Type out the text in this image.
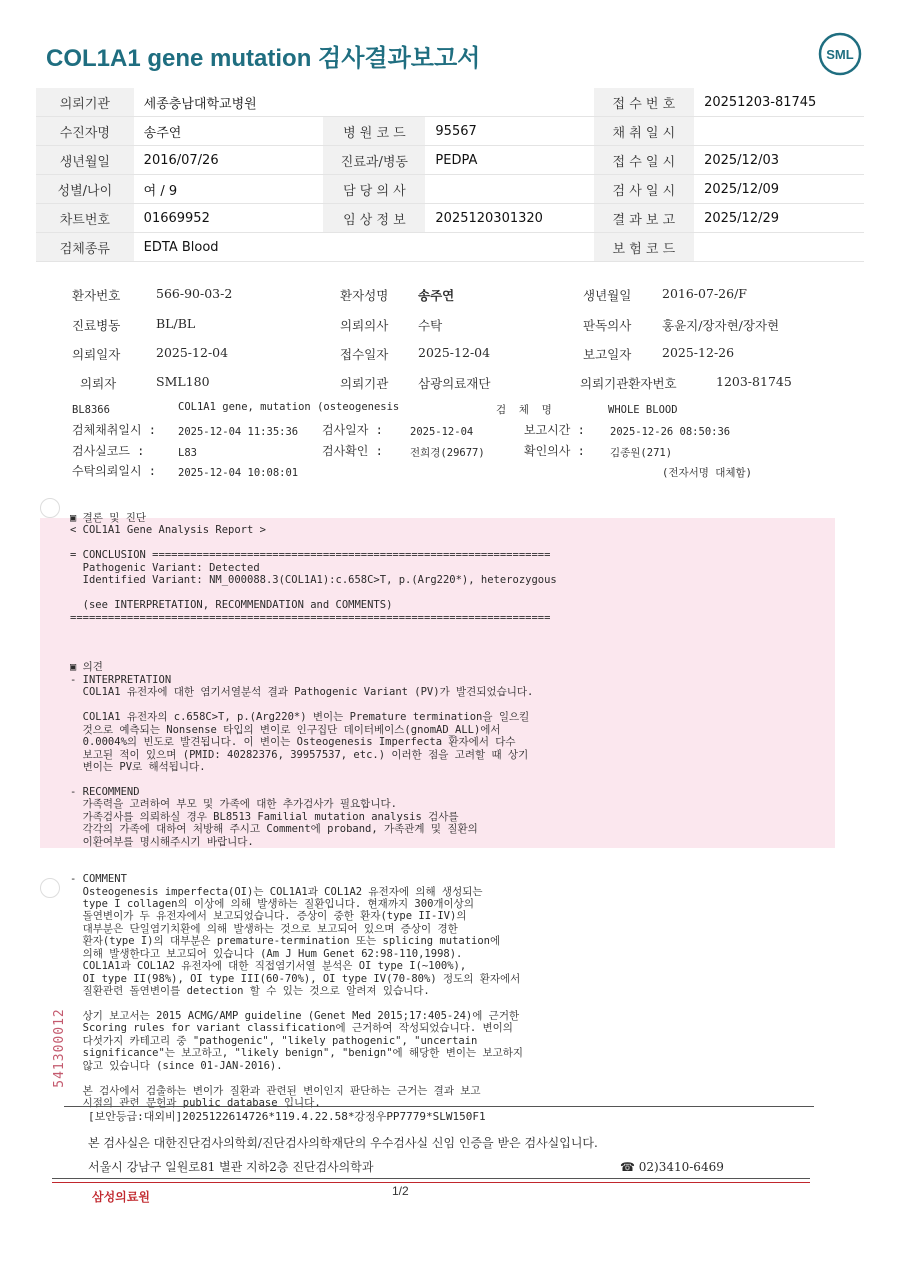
COL1A1 gene mutation 검사결과보고서	SML
의뢰기관	세종충남대학교병원			접 수 번 호	20251203-81745
수진자명	송주연	병 원 코 드	95567	채 취 일 시	
생년월일	2016/07/26	진료과/병동	PEDPA	접 수 일 시	2025/12/03
성별/나이	여 / 9	담 당 의 사		검 사 일 시	2025/12/09
차트번호	01669952	임 상 정 보	2025120301320	결 과 보 고	2025/12/29
검체종류	EDTA Blood			보 험 코 드	
환자번호	566-90-03-2	환자성명 송주연	생년월일 2016-07-26/F
진료병동	BL/BL	의뢰의사 수탁	판독의사 홍윤지/장자현/장자현
의뢰일자	2025-12-04	접수일자 2025-12-04	보고일자 2025-12-26
의뢰자	SML180	의뢰기관 삼광의료재단	의뢰기관환자번호	1203-81745
BL8366	COL1A1 gene, mutation (osteogenesis	검  체  명	WHOLE BLOOD
검체채취일시 : 2025-12-04 11:35:36 검사일자 :	2025-12-04	보고시간 : 2025-12-26 08:50:36
검사실코드 :	L83	검사확인 :	전희경(29677)	확인의사 : 김종원(271)
수탁의뢰일시 : 2025-12-04 10:08:01	(전자서명 대체함)
▣ 결론 및 진단
< COL1A1 Gene Analysis Report >
= CONCLUSION ===============================================================
Pathogenic Variant: Detected
Identified Variant: NM_000088.3(COL1A1):c.658C>T, p.(Arg220*), heterozygous
(see INTERPRETATION, RECOMMENDATION and COMMENTS)
============================================================================
▣ 의견
- INTERPRETATION
COL1A1 유전자에 대한 염기서열분석 결과 Pathogenic Variant (PV)가 발견되었습니다.
COL1A1 유전자의 c.658C>T, p.(Arg220*) 변이는 Premature termination을 일으킬
것으로 예측되는 Nonsense 타입의 변이로 인구집단 데이터베이스(gnomAD_ALL)에서
0.0004%의 빈도로 발견됩니다. 이 변이는 Osteogenesis Imperfecta 환자에서 다수
보고된 적이 있으며 (PMID: 40282376, 39957537, etc.) 이러한 점을 고려할 때 상기
변이는 PV로 해석됩니다.
- RECOMMEND
가족력을 고려하여 부모 및 가족에 대한 추가검사가 필요합니다.
가족검사를 의뢰하실 경우 BL8513 Familial mutation analysis 검사를
각각의 가족에 대하여 처방해 주시고 Comment에 proband, 가족관계 및 질환의
이환여부를 명시해주시기 바랍니다.
- COMMENT
Osteogenesis imperfecta(OI)는 COL1A1과 COL1A2 유전자에 의해 생성되는
type I collagen의 이상에 의해 발생하는 질환입니다. 현재까지 300개이상의
돌연변이가 두 유전자에서 보고되었습니다. 증상이 중한 환자(type II-IV)의
대부분은 단일염기치환에 의해 발생하는 것으로 보고되어 있으며 증상이 경한
환자(type I)의 대부분은 premature-termination 또는 splicing mutation에
의해 발생한다고 보고되어 있습니다 (Am J Hum Genet 62:98-110,1998).
COL1A1과 COL1A2 유전자에 대한 직접염기서열 분석은 OI type I(~100%),
OI type II(98%), OI type III(60-70%), OI type IV(70-80%) 정도의 환자에서
질환관련 돌연변이를 detection 할 수 있는 것으로 알려져 있습니다.
상기 보고서는 2015 ACMG/AMP guideline (Genet Med 2015;17:405-24)에 근거한
Scoring rules for variant classification에 근거하여 작성되었습니다. 변이의
다섯가지 카테고리 중 "pathogenic", "likely pathogenic", "uncertain
significance"는 보고하고, "likely benign", "benign"에 해당한 변이는 보고하지
않고 있습니다 (since 01-JAN-2016).
본 검사에서 검출하는 변이가 질환과 관련된 변이인지 판단하는 근거는 결과 보고
시점의 관련 문헌과 public database 입니다.
541300012
[보안등급:대외비]2025122614726*119.4.22.58*강정우PP7779*SLW150F1
본 검사실은 대한진단검사의학회/진단검사의학재단의 우수검사실 신임 인증을 받은 검사실입니다.
서울시 강남구 일원로81 별관 지하2층 진단검사의학과	☎ 02)3410-6469
삼성의료원	1/2
